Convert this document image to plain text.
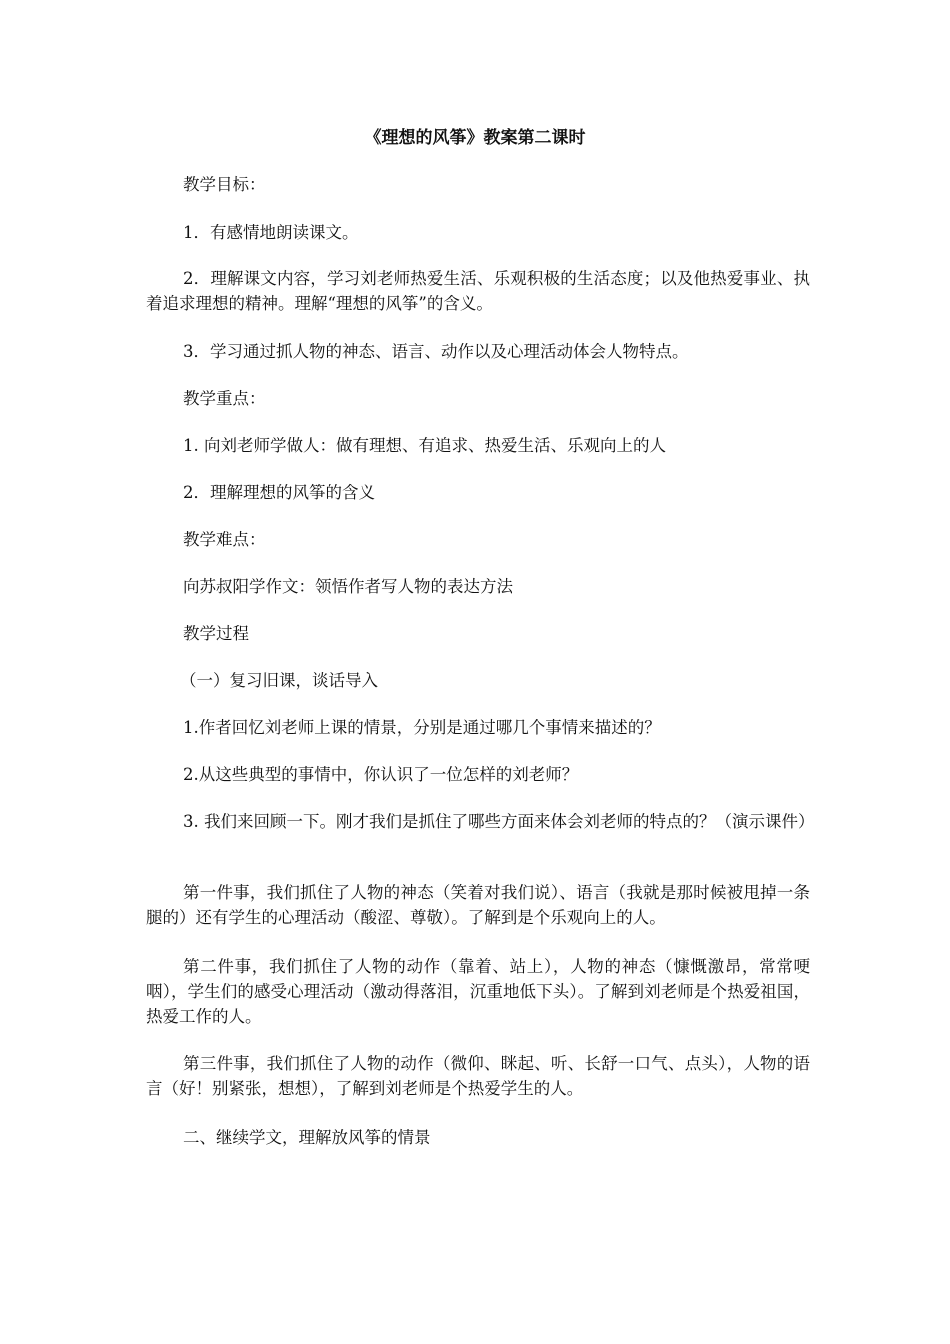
《理想的风筝》教案第二课时
教学目标：
1．有感情地朗读课文。
2．理解课文内容，学习刘老师热爱生活、乐观积极的生活态度；以及他热爱事业、执着追求理想的精神。理解“理想的风筝”的含义。
3．学习通过抓人物的神态、语言、动作以及心理活动体会人物特点。
教学重点：
1. 向刘老师学做人：做有理想、有追求、热爱生活、乐观向上的人
2．理解理想的风筝的含义
教学难点：
向苏叔阳学作文：领悟作者写人物的表达方法
教学过程
（一）复习旧课，谈话导入
1.作者回忆刘老师上课的情景，分别是通过哪几个事情来描述的？
2.从这些典型的事情中，你认识了一位怎样的刘老师？
3. 我们来回顾一下。刚才我们是抓住了哪些方面来体会刘老师的特点的？（演示课件）
第一件事，我们抓住了人物的神态（笑着对我们说）、语言（我就是那时候被甩掉一条腿的）还有学生的心理活动（酸涩、尊敬）。了解到是个乐观向上的人。
第二件事，我们抓住了人物的动作（靠着、站上），人物的神态（慷慨激昂，常常哽咽），学生们的感受心理活动（激动得落泪，沉重地低下头）。了解到刘老师是个热爱祖国，热爱工作的人。
第三件事，我们抓住了人物的动作（微仰、眯起、听、长舒一口气、点头），人物的语言（好！别紧张，想想），了解到刘老师是个热爱学生的人。
二、继续学文，理解放风筝的情景
